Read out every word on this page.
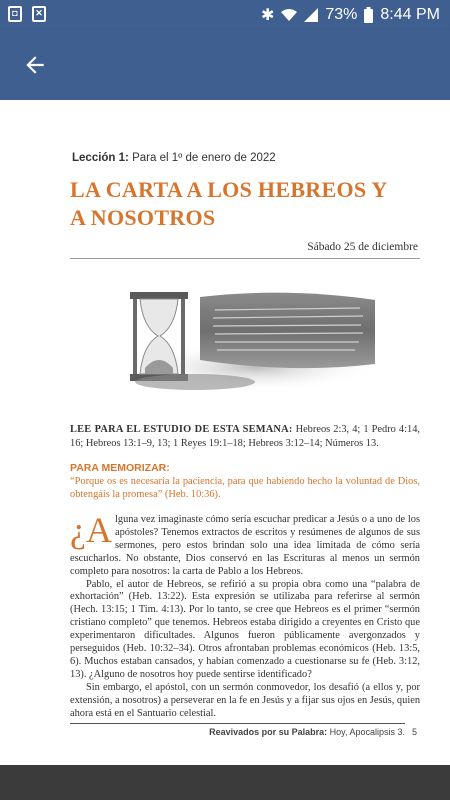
◘	✕	✱	73% 8:44 PM
Lección 1: Para el 1º de enero de 2022
LA CARTA A LOS HEBREOS Y
A NOSOTROS
Sábado 25 de diciembre
LEE PARA EL ESTUDIO DE ESTA SEMANA: Hebreos 2:3, 4; 1 Pedro 4:14, 16; Hebreos 13:1–9, 13; 1 Reyes 19:1–18; Hebreos 3:12–14; Números 13.
PARA MEMORIZAR:
“Porque os es necesaria la paciencia, para que habiendo hecho la voluntad de Dios, obtengáis la promesa” (Heb. 10:36).

¿A lguna vez imaginaste cómo sería escuchar predicar a Jesús o a uno de los apóstoles? Tenemos extractos de escritos y resúmenes de algunos de sus sermones, pero estos brindan solo una idea limitada de cómo sería escucharlos. No obstante, Dios conservó en las Escrituras al menos un sermón completo para nosotros: la carta de Pablo a los Hebreos.

Pablo, el autor de Hebreos, se refirió a su propia obra como una “palabra de exhortación” (Heb. 13:22). Esta expresión se utilizaba para referirse al sermón (Hech. 13:15; 1 Tim. 4:13). Por lo tanto, se cree que Hebreos es el primer “sermón cristiano completo” que tenemos. Hebreos estaba dirigido a creyentes en Cristo que experimentaron dificultades. Algunos fueron públicamente avergonzados y perseguidos (Heb. 10:32–34). Otros afrontaban problemas económicos (Heb. 13:5, 6). Muchos estaban cansados, y habían comenzado a cuestionarse su fe (Heb. 3:12, 13). ¿Alguno de nosotros hoy puede sentirse identificado?

Sin embargo, el apóstol, con un sermón conmovedor, los desafió (a ellos y, por extensión, a nosotros) a perseverar en la fe en Jesús y a fijar sus ojos en Jesús, quien ahora está en el Santuario celestial.

Reavivados por su Palabra: Hoy, Apocalipsis 3. 5
